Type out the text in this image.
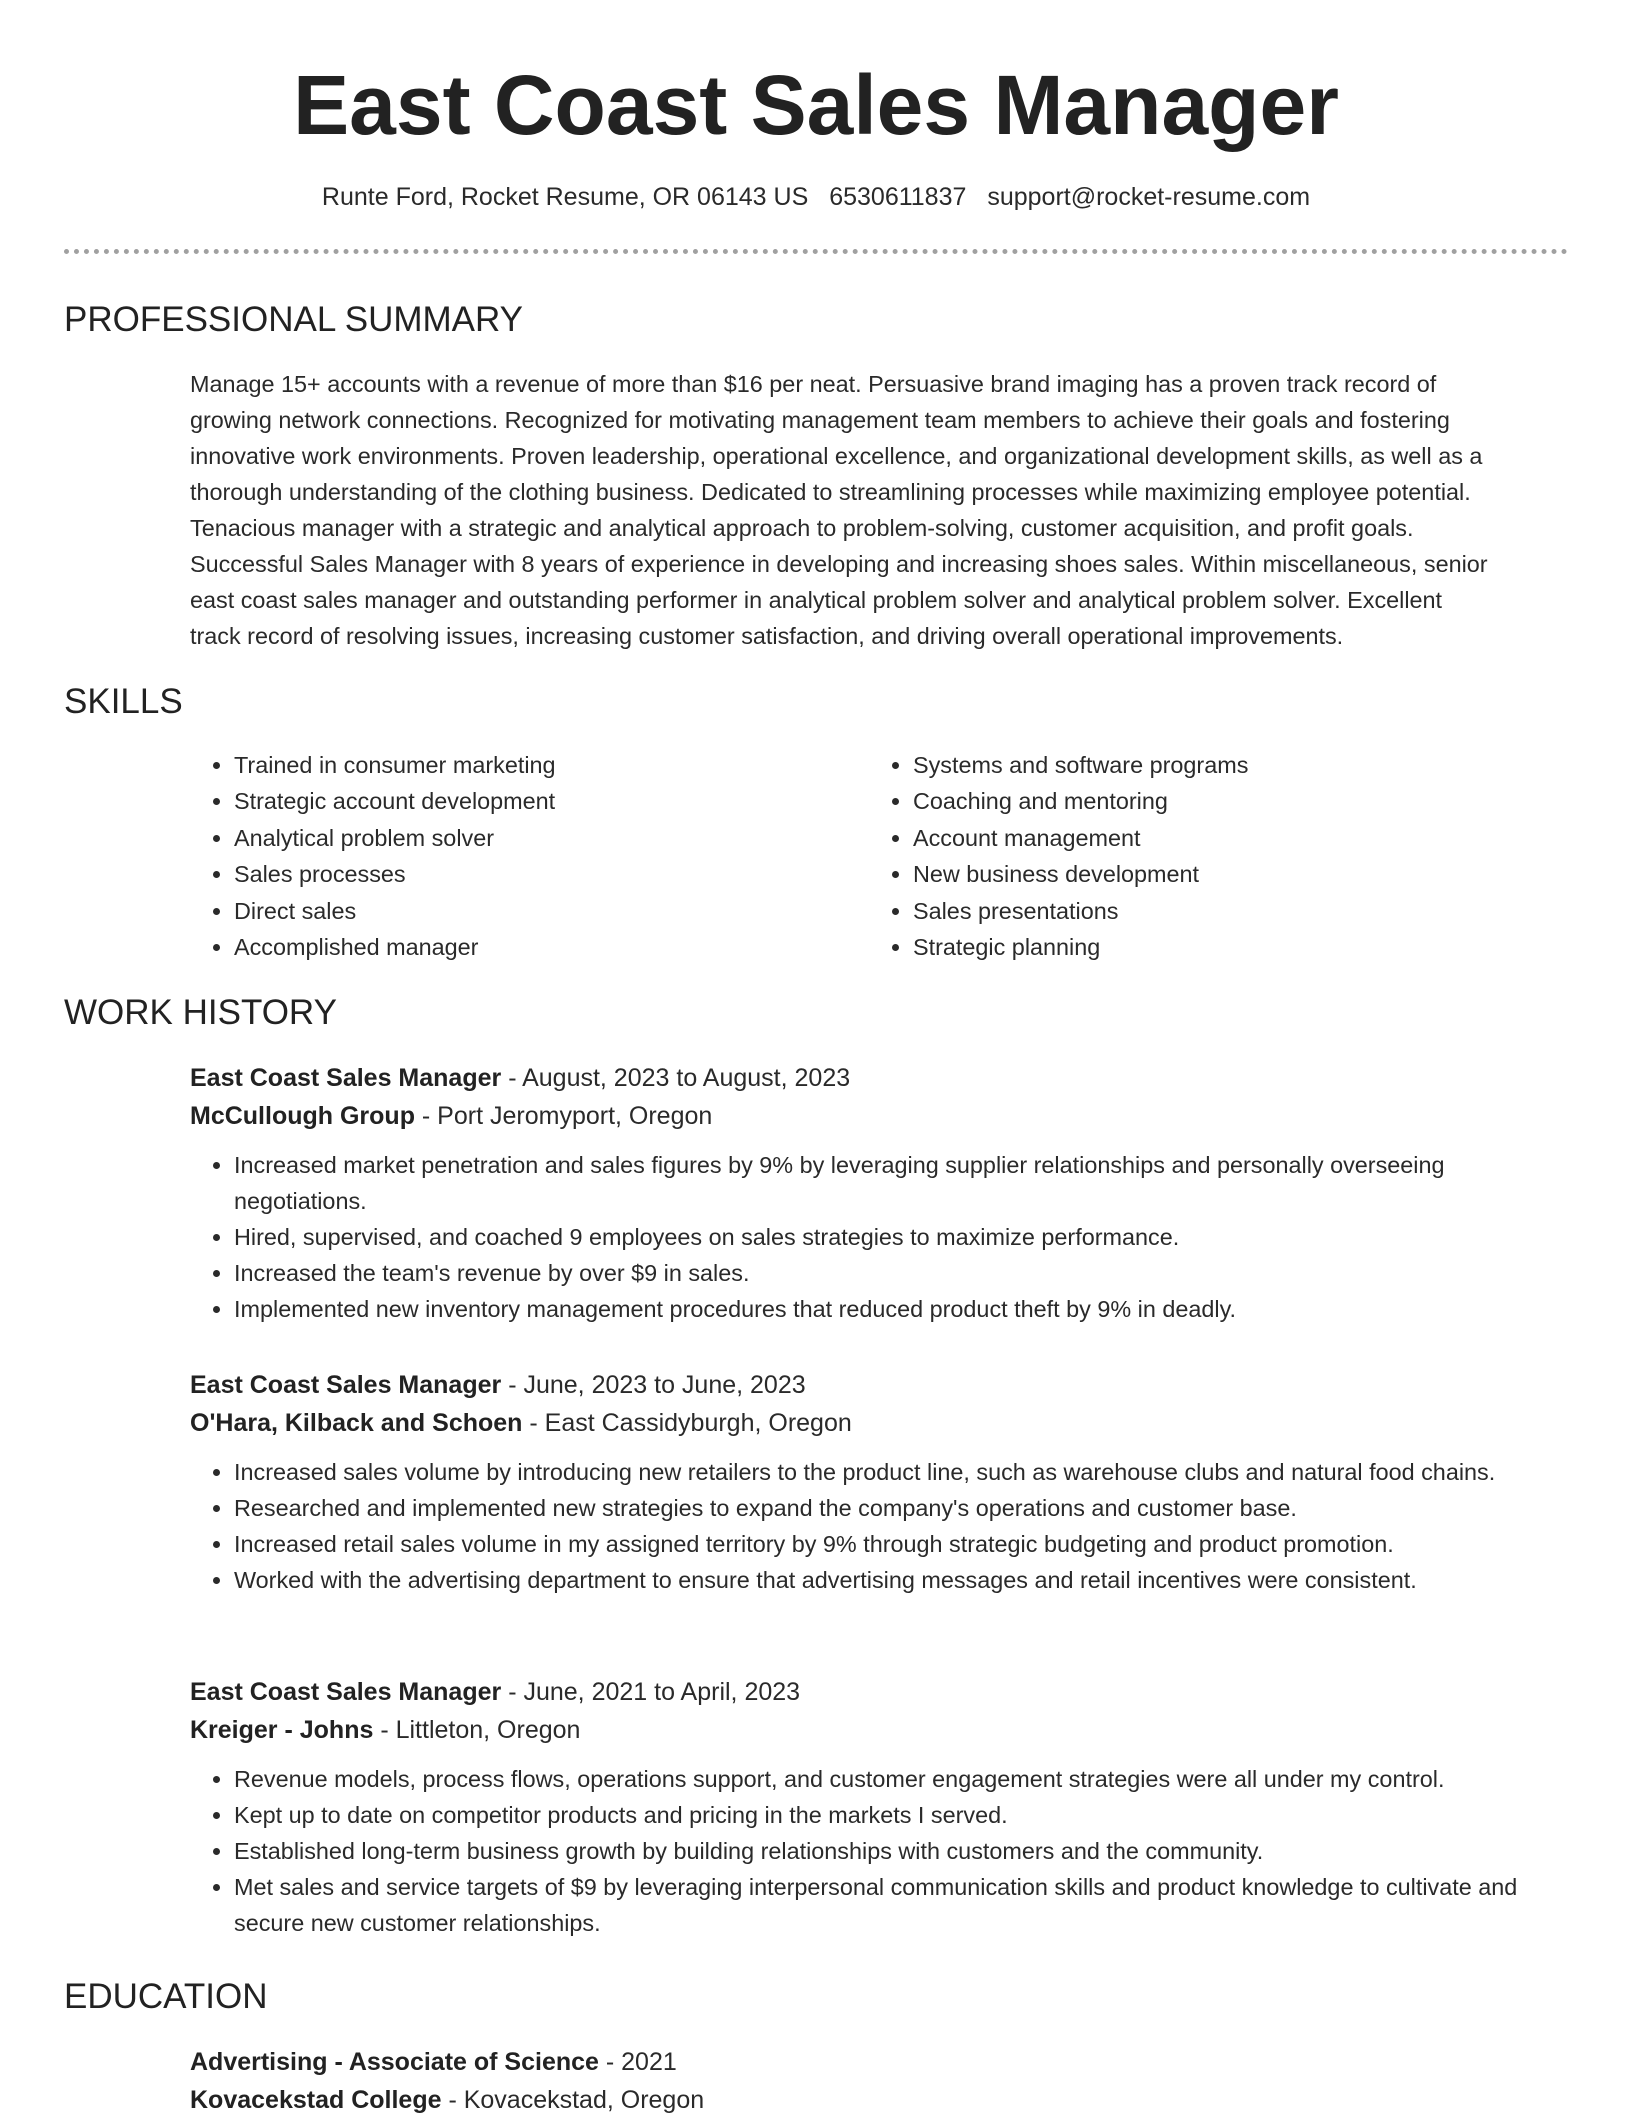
East Coast Sales Manager
Runte Ford, Rocket Resume, OR 06143 US 6530611837 support@rocket-resume.com
PROFESSIONAL SUMMARY
Manage 15+ accounts with a revenue of more than $16 per neat. Persuasive brand imaging has a proven track record of
growing network connections. Recognized for motivating management team members to achieve their goals and fostering
innovative work environments. Proven leadership, operational excellence, and organizational development skills, as well as a
thorough understanding of the clothing business. Dedicated to streamlining processes while maximizing employee potential.
Tenacious manager with a strategic and analytical approach to problem-solving, customer acquisition, and profit goals.
Successful Sales Manager with 8 years of experience in developing and increasing shoes sales. Within miscellaneous, senior
east coast sales manager and outstanding performer in analytical problem solver and analytical problem solver. Excellent
track record of resolving issues, increasing customer satisfaction, and driving overall operational improvements.
SKILLS
• Trained in consumer marketing
• Strategic account development
• Analytical problem solver
• Sales processes
• Direct sales
• Accomplished manager
• Systems and software programs
• Coaching and mentoring
• Account management
• New business development
• Sales presentations
• Strategic planning
WORK HISTORY
East Coast Sales Manager - August, 2023 to August, 2023
McCullough Group - Port Jeromyport, Oregon
• Increased market penetration and sales figures by 9% by leveraging supplier relationships and personally overseeing negotiations.
• Hired, supervised, and coached 9 employees on sales strategies to maximize performance.
• Increased the team's revenue by over $9 in sales.
• Implemented new inventory management procedures that reduced product theft by 9% in deadly.
East Coast Sales Manager - June, 2023 to June, 2023
O'Hara, Kilback and Schoen - East Cassidyburgh, Oregon
• Increased sales volume by introducing new retailers to the product line, such as warehouse clubs and natural food chains.
• Researched and implemented new strategies to expand the company's operations and customer base.
• Increased retail sales volume in my assigned territory by 9% through strategic budgeting and product promotion.
• Worked with the advertising department to ensure that advertising messages and retail incentives were consistent.
East Coast Sales Manager - June, 2021 to April, 2023
Kreiger - Johns - Littleton, Oregon
• Revenue models, process flows, operations support, and customer engagement strategies were all under my control.
• Kept up to date on competitor products and pricing in the markets I served.
• Established long-term business growth by building relationships with customers and the community.
• Met sales and service targets of $9 by leveraging interpersonal communication skills and product knowledge to cultivate and secure new customer relationships.
EDUCATION
Advertising - Associate of Science - 2021
Kovacekstad College - Kovacekstad, Oregon
